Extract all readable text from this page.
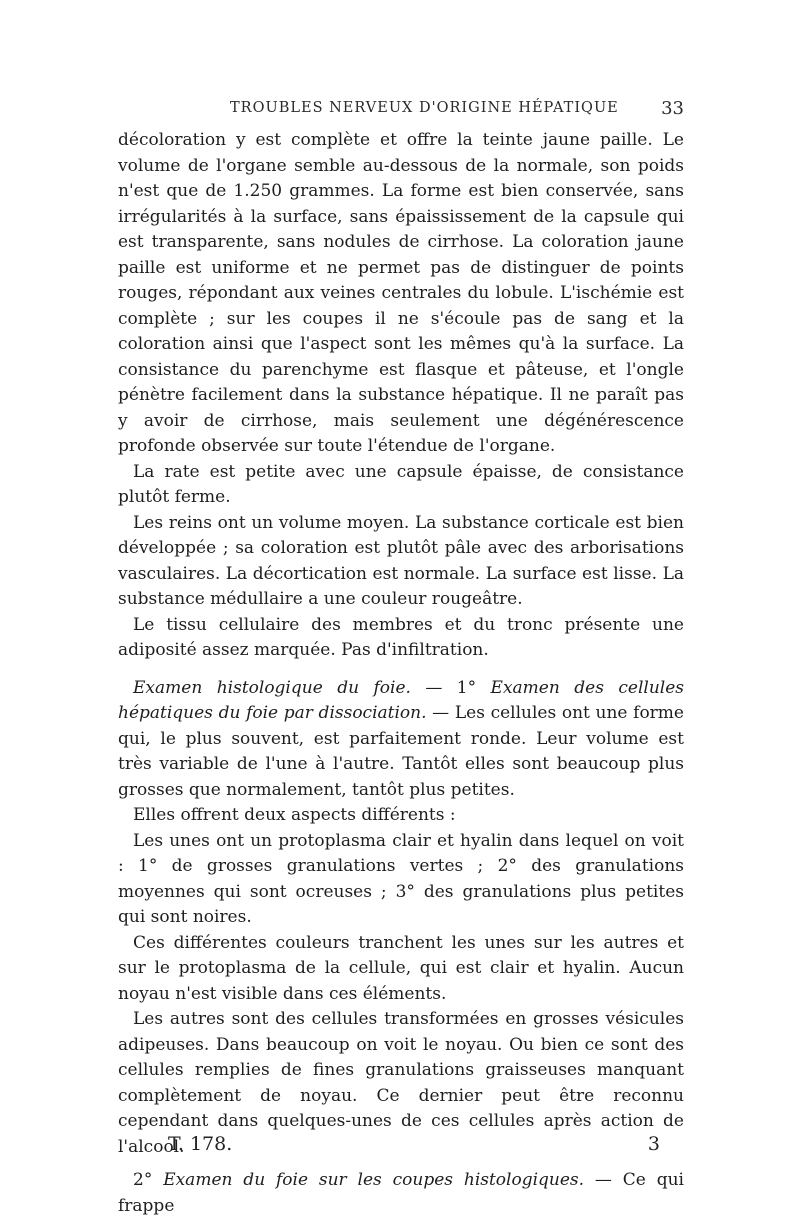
TROUBLES NERVEUX D'ORIGINE HÉPATIQUE 33

décoloration y est complète et offre la teinte jaune paille. Le volume de l'organe semble au-dessous de la normale, son poids n'est que de 1.250 grammes. La forme est bien conservée, sans irrégularités à la surface, sans épaississement de la capsule qui est transparente, sans nodules de cirrhose. La coloration jaune paille est uniforme et ne permet pas de distinguer de points rouges, répondant aux veines centrales du lobule. L'ischémie est complète ; sur les coupes il ne s'écoule pas de sang et la coloration ainsi que l'aspect sont les mêmes qu'à la surface. La consistance du parenchyme est flasque et pâteuse, et l'ongle pénètre facilement dans la substance hépatique. Il ne paraît pas y avoir de cirrhose, mais seulement une dégénérescence profonde observée sur toute l'étendue de l'organe.

La rate est petite avec une capsule épaisse, de consistance plutôt ferme.

Les reins ont un volume moyen. La substance corticale est bien développée ; sa coloration est plutôt pâle avec des arborisations vasculaires. La décortication est normale. La surface est lisse. La substance médullaire a une couleur rougeâtre.

Le tissu cellulaire des membres et du tronc présente une adiposité assez marquée. Pas d'infiltration.

Examen histologique du foie. — 1° Examen des cellules hépatiques du foie par dissociation. — Les cellules ont une forme qui, le plus souvent, est parfaitement ronde. Leur volume est très variable de l'une à l'autre. Tantôt elles sont beaucoup plus grosses que normalement, tantôt plus petites.

Elles offrent deux aspects différents :

Les unes ont un protoplasma clair et hyalin dans lequel on voit : 1° de grosses granulations vertes ; 2° des granulations moyennes qui sont ocreuses ; 3° des granulations plus petites qui sont noires.

Ces différentes couleurs tranchent les unes sur les autres et sur le protoplasma de la cellule, qui est clair et hyalin. Aucun noyau n'est visible dans ces éléments.

Les autres sont des cellules transformées en grosses vésicules adipeuses. Dans beaucoup on voit le noyau. Ou bien ce sont des cellules remplies de fines granulations graisseuses manquant complètement de noyau. Ce dernier peut être reconnu cependant dans quelques-unes de ces cellules après action de l'alcool.

2° Examen du foie sur les coupes histologiques. — Ce qui frappe

T. 178.	3
